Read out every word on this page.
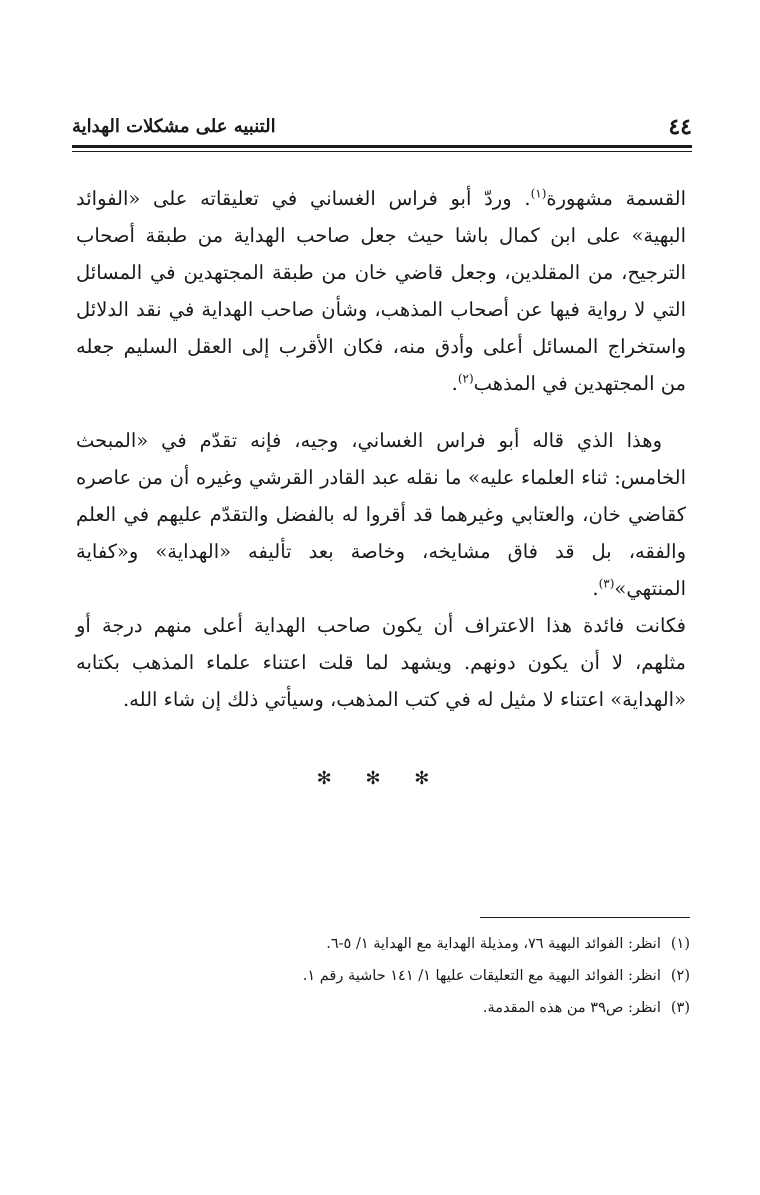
٤٤
التنبيه على مشكلات الهداية

القسمة مشهورة$^{(١)}$. وردّ أبو فراس الغساني في تعليقاته على «الفوائد البهية» على ابن كمال باشا حيث جعل صاحب الهداية من طبقة أصحاب الترجيح، من المقلدين، وجعل قاضي خان من طبقة المجتهدين في المسائل التي لا رواية فيها عن أصحاب المذهب، وشأن صاحب الهداية في نقد الدلائل واستخراج المسائل أعلى وأدق منه، فكان الأقرب إلى العقل السليم جعله من المجتهدين في المذهب$^{(٢)}$.

وهذا الذي قاله أبو فراس الغساني، وجيه، فإنه تقدّم في «المبحث الخامس: ثناء العلماء عليه» ما نقله عبد القادر القرشي وغيره أن من عاصره كقاضي خان، والعتابي وغيرهما قد أقروا له بالفضل والتقدّم عليهم في العلم والفقه، بل قد فاق مشايخه، وخاصة بعد تأليفه «الهداية» و«كفاية المنتهي»$^{(٣)}$.

فكانت فائدة هذا الاعتراف أن يكون صاحب الهداية أعلى منهم درجة أو مثلهم، لا أن يكون دونهم. ويشهد لما قلت اعتناء علماء المذهب بكتابه «الهداية» اعتناء لا مثيل له في كتب المذهب، وسيأتي ذلك إن شاء الله.

✻ ✻ ✻
(١)انظر: الفوائد البهية ٧٦، ومذيلة الهداية مع الهداية ١/ ٥-٦.
(٢)انظر: الفوائد البهية مع التعليقات عليها ١/ ١٤١ حاشية رقم ١.
(٣)انظر: ص٣٩ من هذه المقدمة.
